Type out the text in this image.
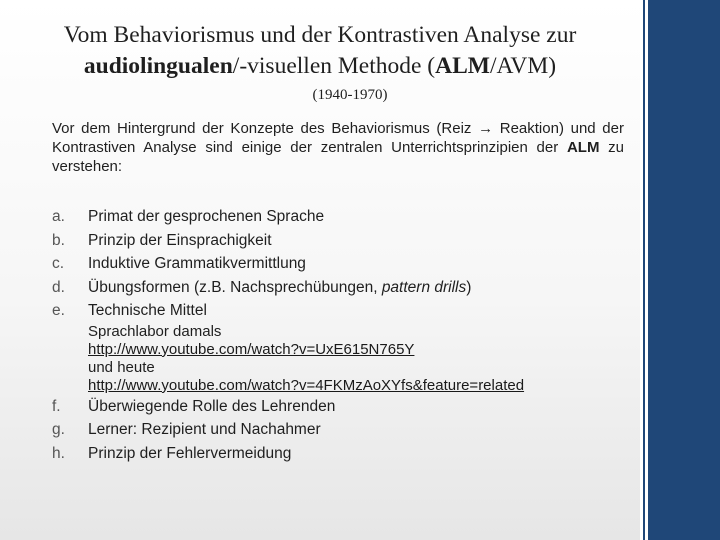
Vom Behaviorismus und der Kontrastiven Analyse zur
audiolingualen/-visuellen Methode (ALM/AVM)
(1940-1970)
Vor dem Hintergrund der Konzepte des Behaviorismus (Reiz → Reaktion) und der Kontrastiven Analyse sind einige der zentralen Unterrichtsprinzipien der ALM zu verstehen:
a.	Primat der gesprochenen Sprache
b.	Prinzip der Einsprachigkeit
c.	Induktive Grammatikvermittlung
d.	Übungsformen (z.B. Nachsprechübungen, pattern drills)
e.	Technische Mittel
Sprachlabor damals
http://www.youtube.com/watch?v=UxE615N765Y
und heute
http://www.youtube.com/watch?v=4FKMzAoXYfs&feature=related
f.	Überwiegende Rolle des Lehrenden
g.	Lerner: Rezipient und Nachahmer
h.	Prinzip der Fehlervermeidung
